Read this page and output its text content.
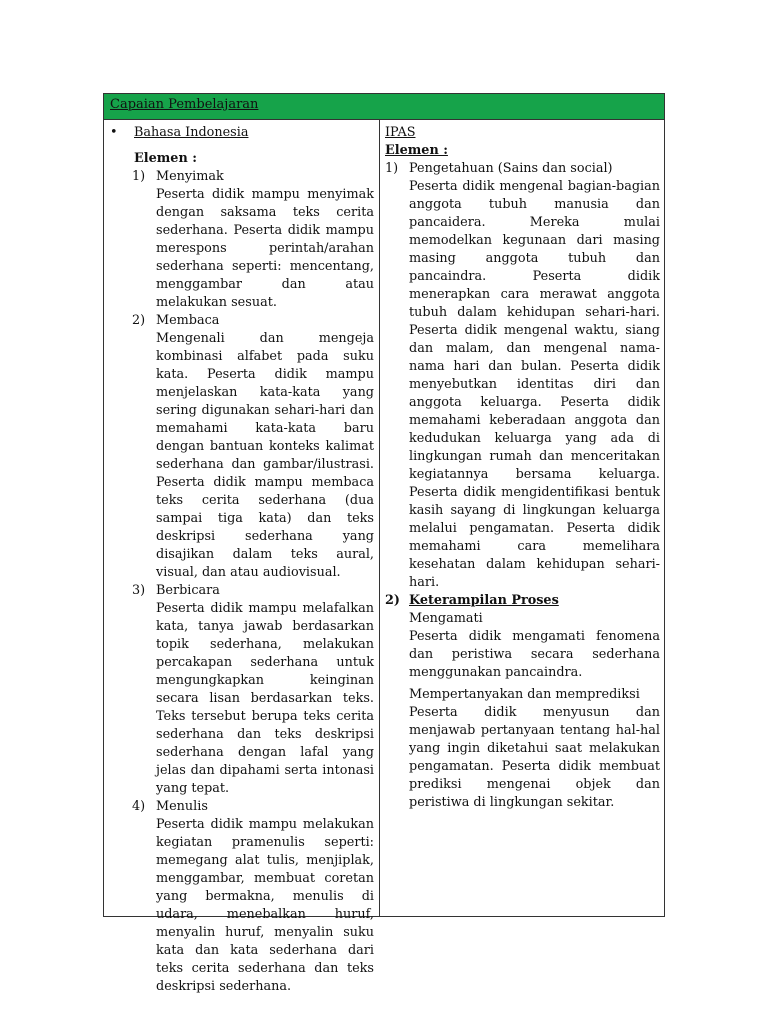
Capaian Pembelajaran
• Bahasa Indonesia
Elemen :
1) Menyimak
Peserta didik mampu menyimak dengan saksama teks cerita sederhana. Peserta didik mampu merespons perintah/arahan sederhana seperti: mencentang, menggambar dan atau melakukan sesuat.
2) Membaca
Mengenali dan mengeja kombinasi alfabet pada suku kata. Peserta didik mampu menjelaskan kata-kata yang sering digunakan sehari-hari dan memahami kata-kata baru dengan bantuan konteks kalimat sederhana dan gambar/ilustrasi. Peserta didik mampu membaca teks cerita sederhana (dua sampai tiga kata) dan teks deskripsi sederhana yang disajikan dalam teks aural, visual, dan atau audiovisual.
3) Berbicara
Peserta didik mampu melafalkan kata, tanya jawab berdasarkan topik sederhana, melakukan percakapan sederhana untuk mengungkapkan keinginan secara lisan berdasarkan teks. Teks tersebut berupa teks cerita sederhana dan teks deskripsi sederhana dengan lafal yang jelas dan dipahami serta intonasi yang tepat.
4) Menulis
Peserta didik mampu melakukan kegiatan pramenulis seperti: memegang alat tulis, menjiplak, menggambar, membuat coretan yang bermakna, menulis di udara, menebalkan huruf, menyalin huruf, menyalin suku kata dan kata sederhana dari teks cerita sederhana dan teks deskripsi sederhana.
IPAS
Elemen :
1) Pengetahuan (Sains dan social)
Peserta didik mengenal bagian-bagian anggota tubuh manusia dan pancaidera. Mereka mulai memodelkan kegunaan dari masing masing anggota tubuh dan pancaindra. Peserta didik menerapkan cara merawat anggota tubuh dalam kehidupan sehari-hari. Peserta didik mengenal waktu, siang dan malam, dan mengenal nama-nama hari dan bulan. Peserta didik menyebutkan identitas diri dan anggota keluarga. Peserta didik memahami keberadaan anggota dan kedudukan keluarga yang ada di lingkungan rumah dan menceritakan kegiatannya bersama keluarga. Peserta didik mengidentifikasi bentuk kasih sayang di lingkungan keluarga melalui pengamatan. Peserta didik memahami cara memelihara kesehatan dalam kehidupan sehari-hari.
2) Keterampilan Proses
Mengamati
Peserta didik mengamati fenomena dan peristiwa secara sederhana menggunakan pancaindra.
Mempertanyakan dan memprediksi
Peserta didik menyusun dan menjawab pertanyaan tentang hal-hal yang ingin diketahui saat melakukan pengamatan. Peserta didik membuat prediksi mengenai objek dan peristiwa di lingkungan sekitar.
